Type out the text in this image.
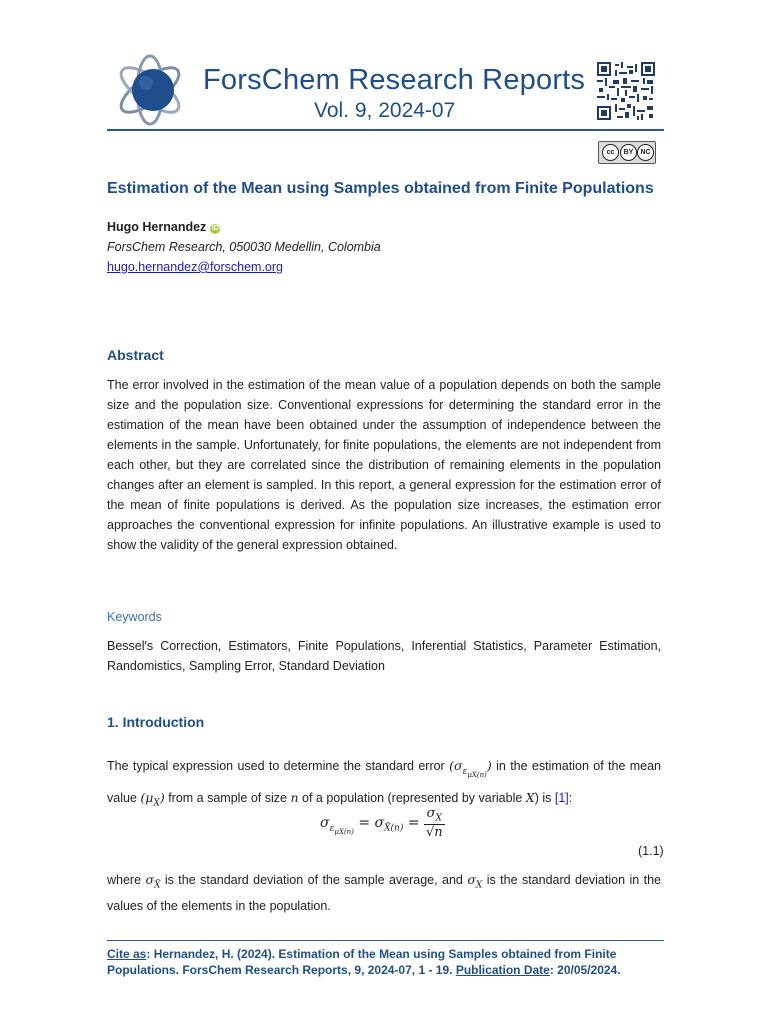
ForsChem Research Reports
Vol. 9, 2024-07
cc	BY	NC
Estimation of the Mean using Samples obtained from Finite Populations
Hugo Hernandez iD
ForsChem Research, 050030 Medellin, Colombia
hugo.hernandez@forschem.org
Abstract
The error involved in the estimation of the mean value of a population depends on both the sample size and the population size. Conventional expressions for determining the standard error in the estimation of the mean have been obtained under the assumption of independence between the elements in the sample. Unfortunately, for finite populations, the elements are not independent from each other, but they are correlated since the distribution of remaining elements in the population changes after an element is sampled. In this report, a general expression for the estimation error of the mean of finite populations is derived. As the population size increases, the estimation error approaches the conventional expression for infinite populations. An illustrative example is used to show the validity of the general expression obtained.
Keywords
Bessel's Correction, Estimators, Finite Populations, Inferential Statistics, Parameter Estimation, Randomistics, Sampling Error, Standard Deviation
1. Introduction
The typical expression used to determine the standard error $(\sigma_{\varepsilon_{\mu X(n)}})$ in the estimation of the mean value $(\mu_X)$ from a sample of size n of a population (represented by variable X) is [1]:
$\sigma_{\varepsilon_{\mu X(n)}} = \sigma_{X̄(n)} = \frac{\sigma_X}{√n}$
(1.1)
where $\sigma_{X̄}$ is the standard deviation of the sample average, and $\sigma_X$ is the standard deviation in the values of the elements in the population.
Cite as: Hernandez, H. (2024). Estimation of the Mean using Samples obtained from Finite Populations. ForsChem Research Reports, 9, 2024-07, 1 - 19. Publication Date: 20/05/2024.
